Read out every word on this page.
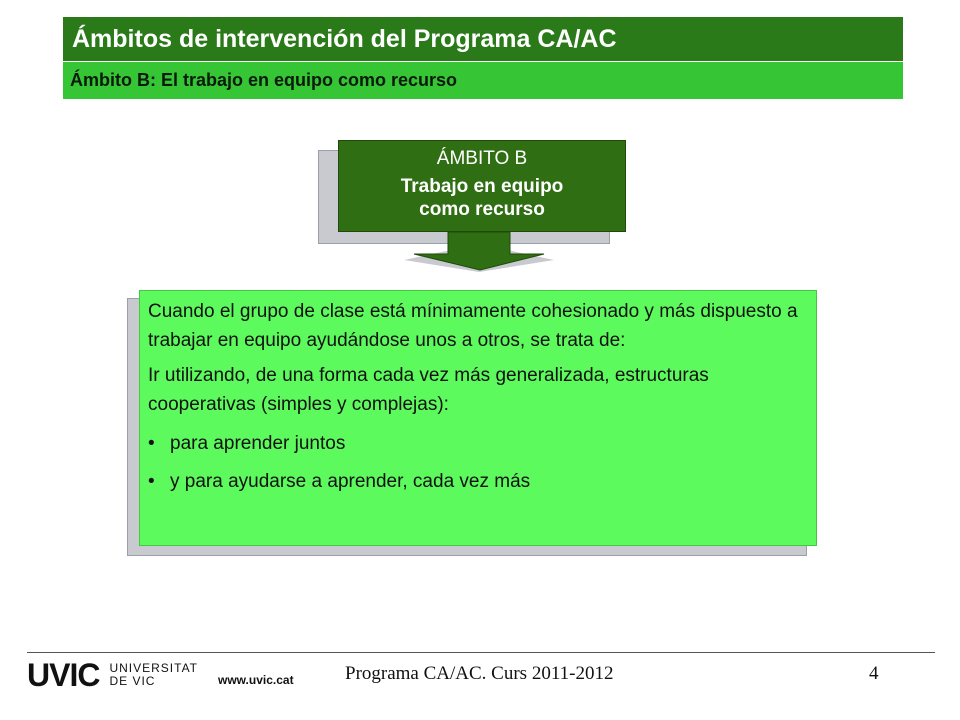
Ámbitos de intervención del Programa CA/AC
Ámbito B: El trabajo en equipo como recurso
ÁMBITO B
Trabajo en equipo
como recurso

Cuando el grupo de clase está mínimamente cohesionado y más dispuesto a trabajar en equipo ayudándose unos a otros, se trata de:

Ir utilizando, de una forma cada vez más generalizada, estructuras cooperativas (simples y complejas):

• para aprender juntos

• y para ayudarse a aprender, cada vez más

UVIC UNIVERSITAT
DE VIC	www.uvic.cat	Programa CA/AC. Curs 2011-2012	4
